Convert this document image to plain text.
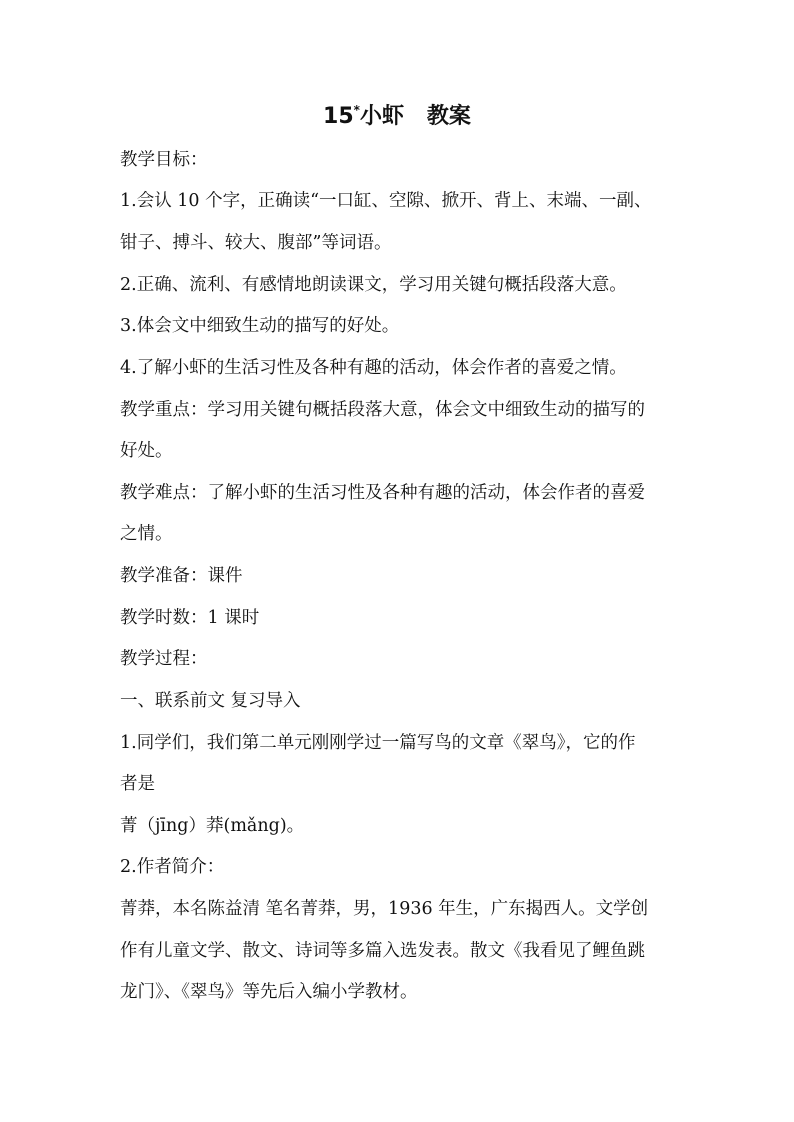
15*小虾   教案
教学目标：
1.会认 10 个字，正确读“一口缸、空隙、掀开、背上、末端、一副、
钳子、搏斗、较大、腹部”等词语。
2.正确、流利、有感情地朗读课文，学习用关键句概括段落大意。
3.体会文中细致生动的描写的好处。
4.了解小虾的生活习性及各种有趣的活动，体会作者的喜爱之情。
教学重点：学习用关键句概括段落大意，体会文中细致生动的描写的
好处。
教学难点：了解小虾的生活习性及各种有趣的活动，体会作者的喜爱
之情。
教学准备：课件
教学时数：1 课时
教学过程：
一、联系前文 复习导入
1.同学们，我们第二单元刚刚学过一篇写鸟的文章《翠鸟》，它的作
者是
菁（jīng）莽(mǎng)。
2.作者简介：
菁莽，本名陈益清 笔名菁莽，男，1936 年生，广东揭西人。文学创
作有儿童文学、散文、诗词等多篇入选发表。散文《我看见了鲤鱼跳
龙门》、《翠鸟》等先后入编小学教材。
